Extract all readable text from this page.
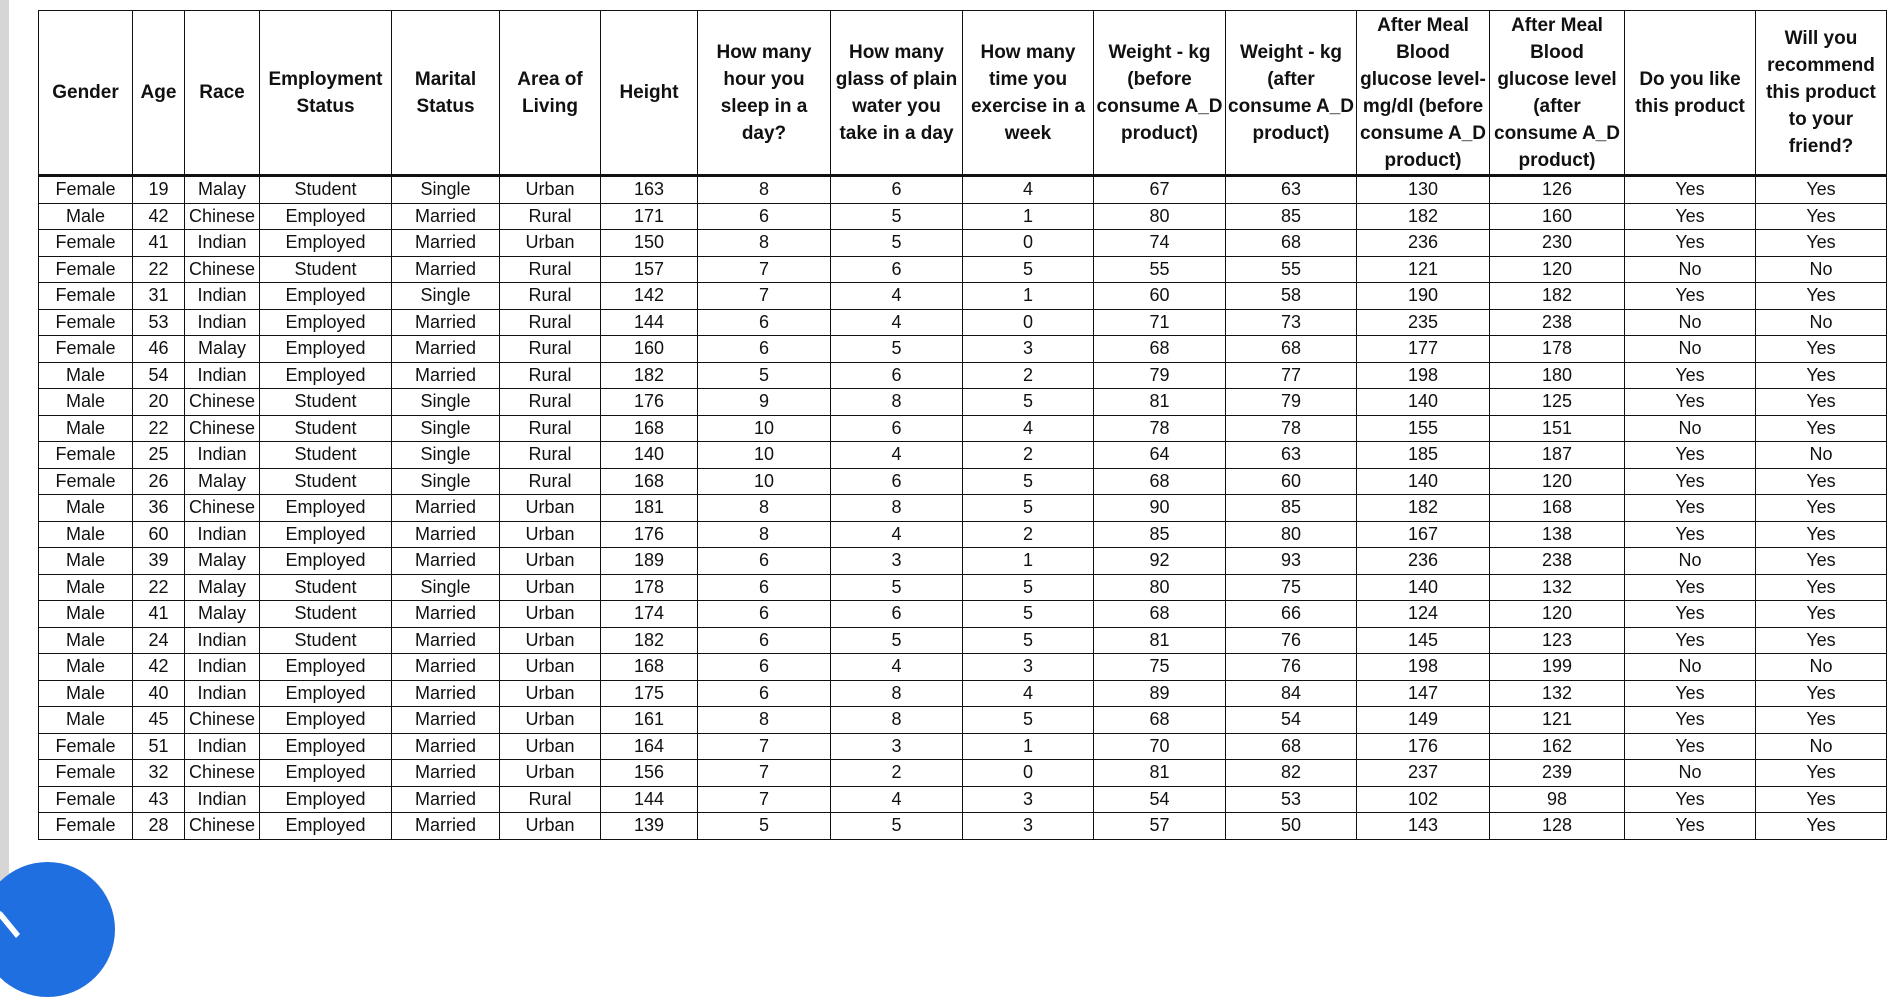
Gender	Age	Race	Employment Status	Marital Status	Area of Living	Height	How many hour you sleep in a day?	How many glass of plain water you take in a day	How many time you exercise in a week	Weight - kg (before consume A_D product)	Weight - kg (after consume A_D product)	After Meal Blood glucose level- mg/dl (before consume A_D product)	After Meal Blood glucose level (after consume A_D product)	Do you like this product	Will you recommend this product to your friend?
Female	19	Malay	Student	Single	Urban	163	8	6	4	67	63	130	126	Yes	Yes
Male	42	Chinese	Employed	Married	Rural	171	6	5	1	80	85	182	160	Yes	Yes
Female	41	Indian	Employed	Married	Urban	150	8	5	0	74	68	236	230	Yes	Yes
Female	22	Chinese	Student	Married	Rural	157	7	6	5	55	55	121	120	No	No
Female	31	Indian	Employed	Single	Rural	142	7	4	1	60	58	190	182	Yes	Yes
Female	53	Indian	Employed	Married	Rural	144	6	4	0	71	73	235	238	No	No
Female	46	Malay	Employed	Married	Rural	160	6	5	3	68	68	177	178	No	Yes
Male	54	Indian	Employed	Married	Rural	182	5	6	2	79	77	198	180	Yes	Yes
Male	20	Chinese	Student	Single	Rural	176	9	8	5	81	79	140	125	Yes	Yes
Male	22	Chinese	Student	Single	Rural	168	10	6	4	78	78	155	151	No	Yes
Female	25	Indian	Student	Single	Rural	140	10	4	2	64	63	185	187	Yes	No
Female	26	Malay	Student	Single	Rural	168	10	6	5	68	60	140	120	Yes	Yes
Male	36	Chinese	Employed	Married	Urban	181	8	8	5	90	85	182	168	Yes	Yes
Male	60	Indian	Employed	Married	Urban	176	8	4	2	85	80	167	138	Yes	Yes
Male	39	Malay	Employed	Married	Urban	189	6	3	1	92	93	236	238	No	Yes
Male	22	Malay	Student	Single	Urban	178	6	5	5	80	75	140	132	Yes	Yes
Male	41	Malay	Student	Married	Urban	174	6	6	5	68	66	124	120	Yes	Yes
Male	24	Indian	Student	Married	Urban	182	6	5	5	81	76	145	123	Yes	Yes
Male	42	Indian	Employed	Married	Urban	168	6	4	3	75	76	198	199	No	No
Male	40	Indian	Employed	Married	Urban	175	6	8	4	89	84	147	132	Yes	Yes
Male	45	Chinese	Employed	Married	Urban	161	8	8	5	68	54	149	121	Yes	Yes
Female	51	Indian	Employed	Married	Urban	164	7	3	1	70	68	176	162	Yes	No
Female	32	Chinese	Employed	Married	Urban	156	7	2	0	81	82	237	239	No	Yes
Female	43	Indian	Employed	Married	Rural	144	7	4	3	54	53	102	98	Yes	Yes
Female	28	Chinese	Employed	Married	Urban	139	5	5	3	57	50	143	128	Yes	Yes
